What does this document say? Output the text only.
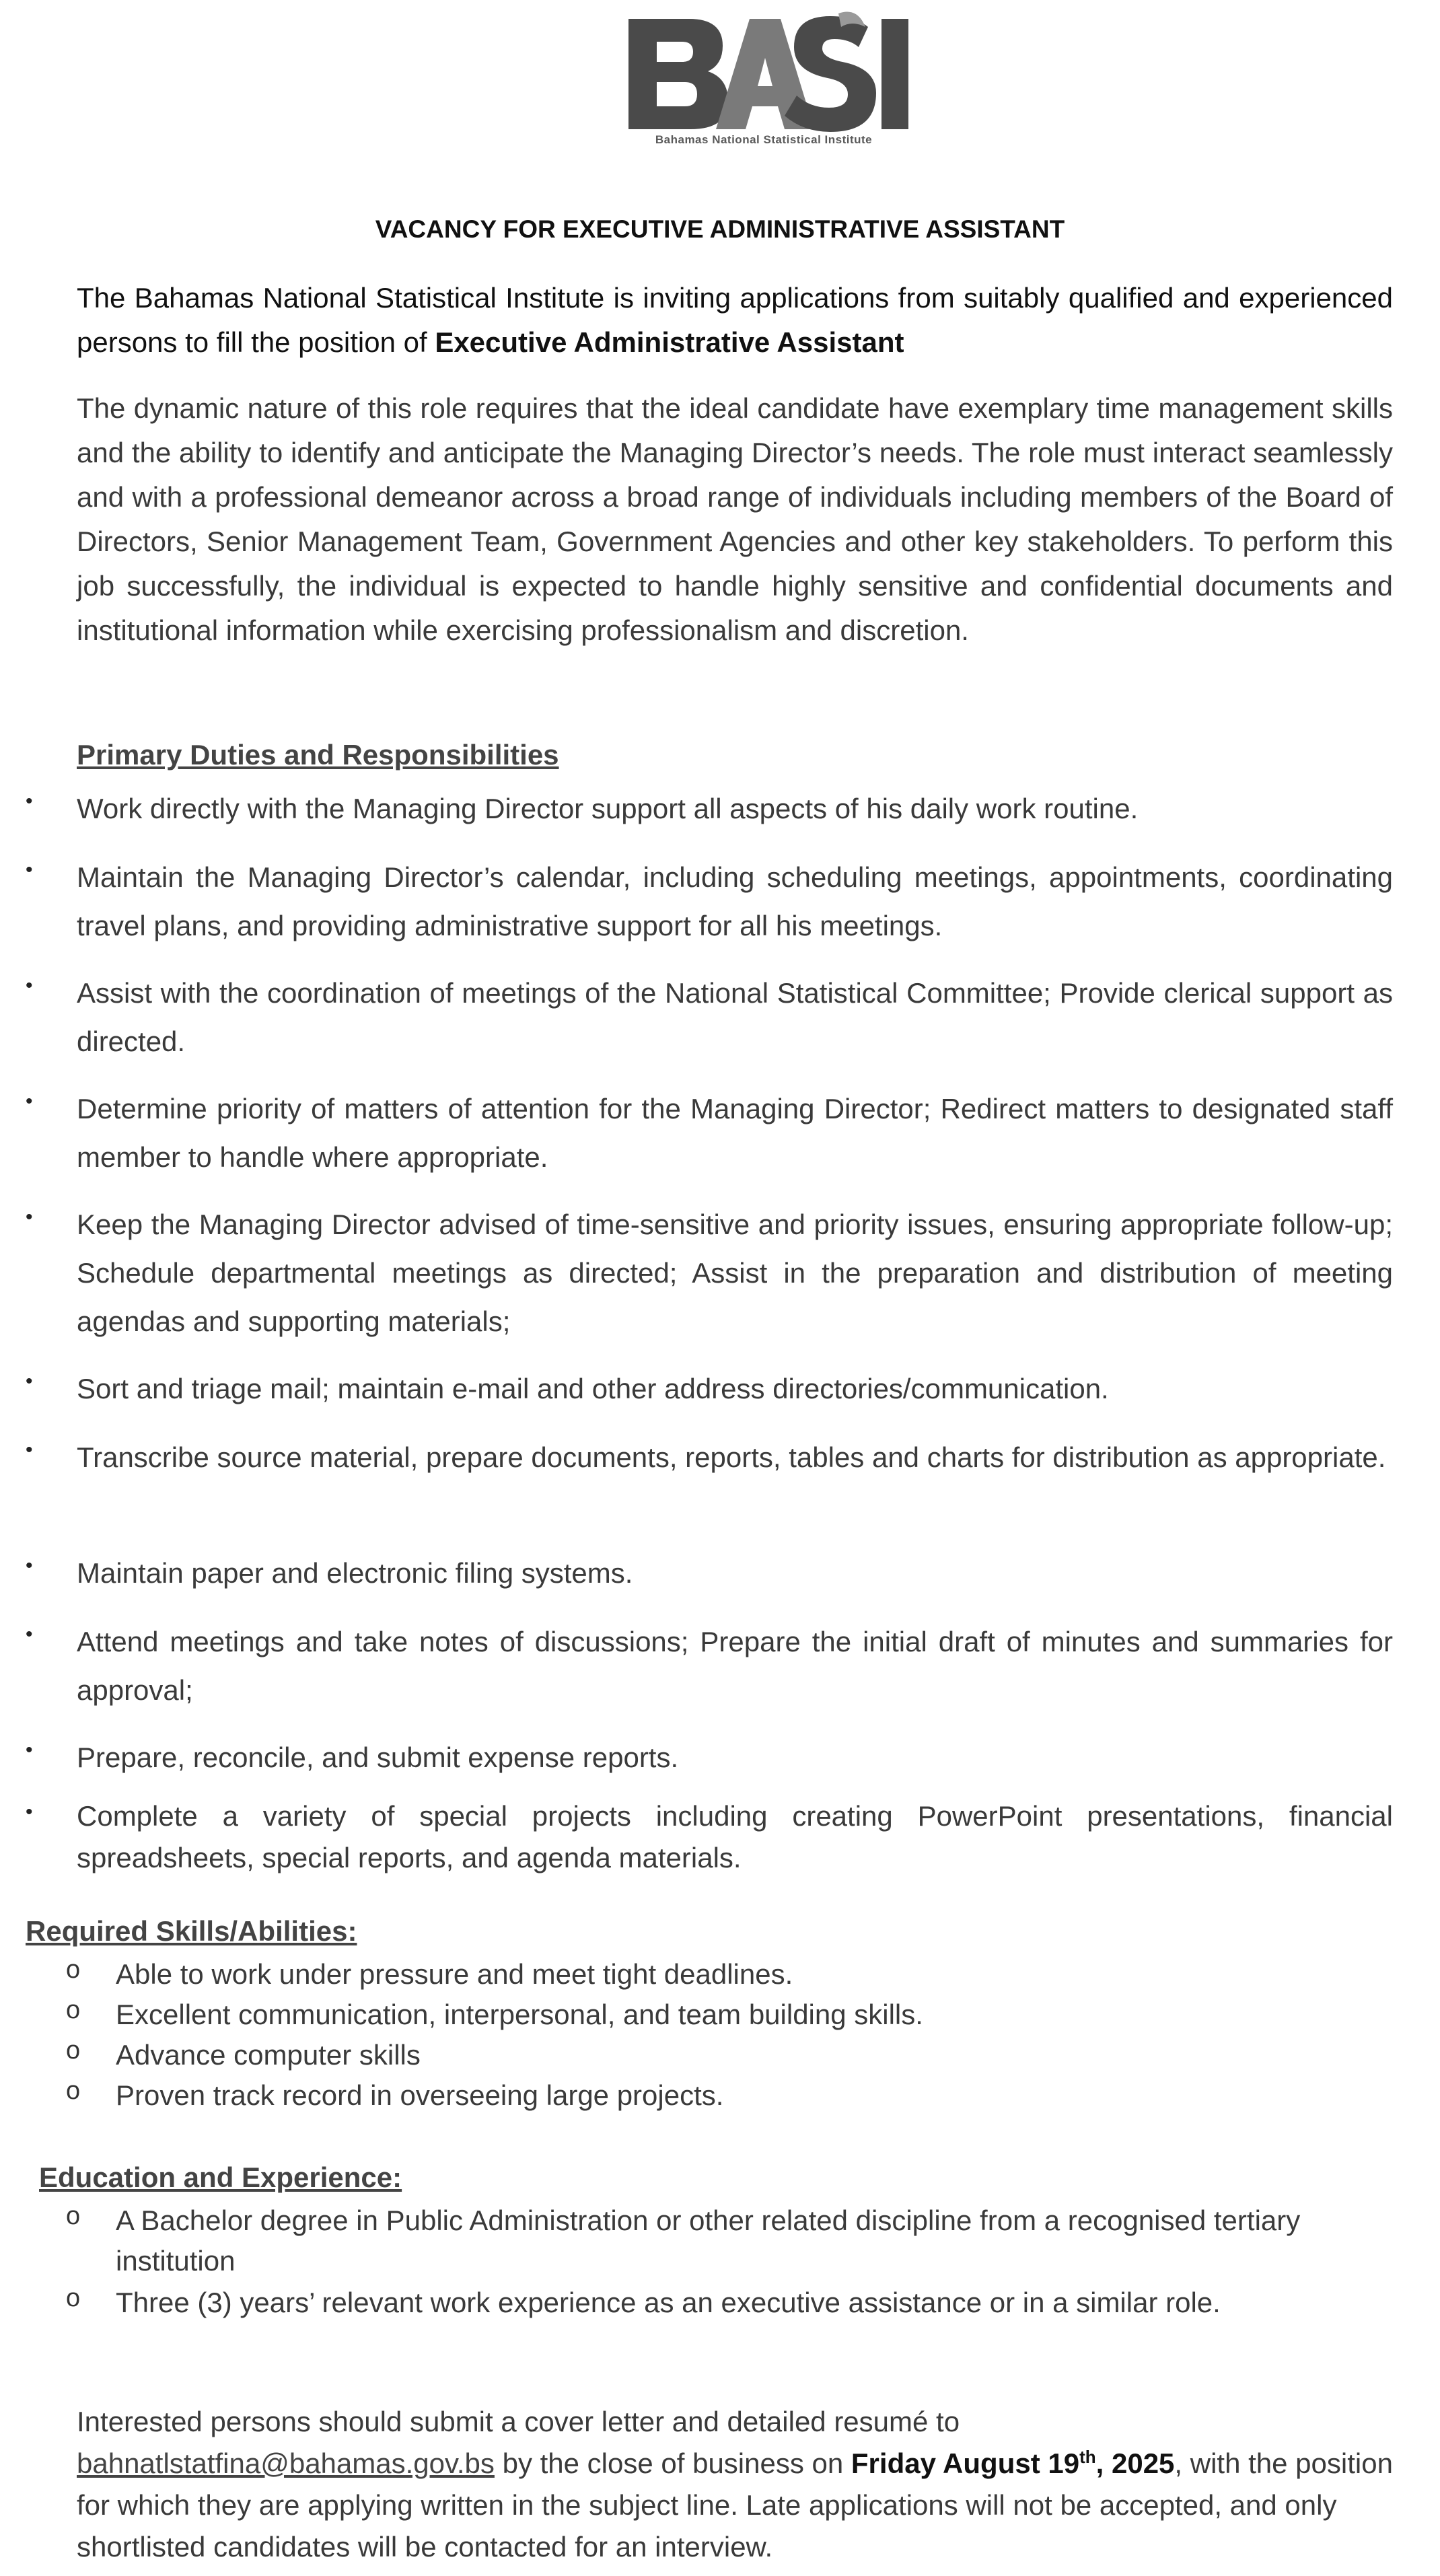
Bahamas National Statistical Institute
VACANCY FOR EXECUTIVE ADMINISTRATIVE ASSISTANT
The Bahamas National Statistical Institute is inviting applications from suitably qualified and experienced persons to fill the position of Executive Administrative Assistant
The dynamic nature of this role requires that the ideal candidate have exemplary time management skills and the ability to identify and anticipate the Managing Director’s needs. The role must interact seamlessly and with a professional demeanor across a broad range of individuals including members of the Board of Directors, Senior Management Team, Government Agencies and other key stakeholders. To perform this job successfully, the individual is expected to handle highly sensitive and confidential documents and institutional information while exercising professionalism and discretion.
Primary Duties and Responsibilities
• Work directly with the Managing Director support all aspects of his daily work routine.
• Maintain the Managing Director’s calendar, including scheduling meetings, appointments, coordinating travel plans, and providing administrative support for all his meetings.
• Assist with the coordination of meetings of the National Statistical Committee; Provide clerical support as directed.
• Determine priority of matters of attention for the Managing Director; Redirect matters to designated staff member to handle where appropriate.
• Keep the Managing Director advised of time-sensitive and priority issues, ensuring appropriate follow-up; Schedule departmental meetings as directed; Assist in the preparation and distribution of meeting agendas and supporting materials;
• Sort and triage mail; maintain e-mail and other address directories/communication.
• Transcribe source material, prepare documents, reports, tables and charts for distribution as appropriate.
• Maintain paper and electronic filing systems.
• Attend meetings and take notes of discussions; Prepare the initial draft of minutes and summaries for approval;
• Prepare, reconcile, and submit expense reports.
• Complete a variety of special projects including creating PowerPoint presentations, financial spreadsheets, special reports, and agenda materials.
Required Skills/Abilities:
o Able to work under pressure and meet tight deadlines.
o Excellent communication, interpersonal, and team building skills.
o Advance computer skills
o Proven track record in overseeing large projects.
Education and Experience:
o A Bachelor degree in Public Administration or other related discipline from a recognised tertiary institution
o Three (3) years’ relevant work experience as an executive assistance or in a similar role.
Interested persons should submit a cover letter and detailed resumé to
bahnatlstatfina@bahamas.gov.bs by the close of business on Friday August 19th, 2025, with the position for which they are applying written in the subject line. Late applications will not be accepted, and only shortlisted candidates will be contacted for an interview.
